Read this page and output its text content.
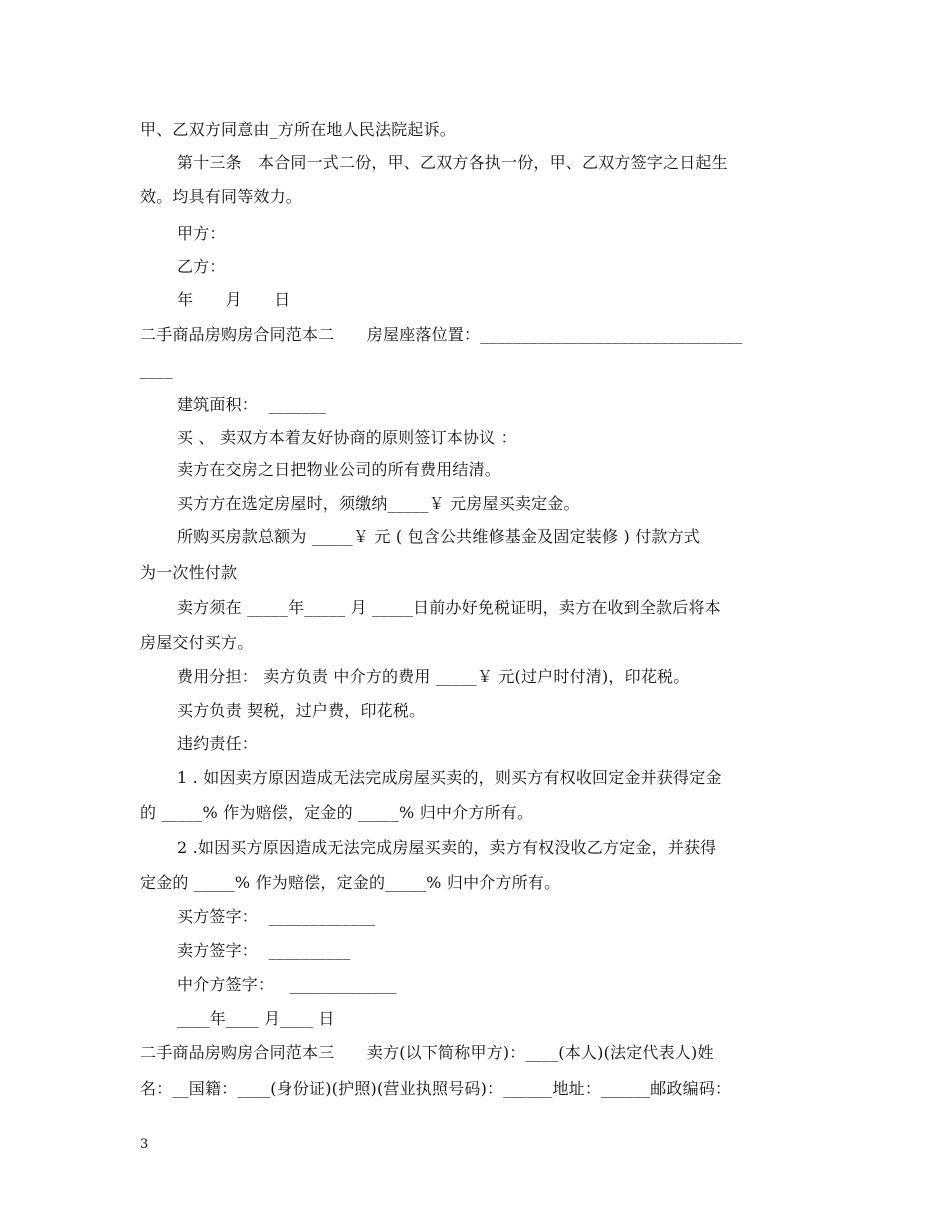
甲、乙双方同意由_方所在地人民法院起诉。
第十三条　本合同一式二份，甲、乙双方各执一份，甲、乙双方签字之日起生
效。均具有同等效力。
甲方：
乙方：
年　　月　　日
二手商品房购房合同范本二　　房屋座落位置：________________________________
____
建筑面积：  _______
买 、 卖双方本着友好协商的原则签订本协议 ：
卖方在交房之日把物业公司的所有费用结清。
买方方在选定房屋时，须缴纳_____￥ 元房屋买卖定金。
所购买房款总额为 _____￥ 元 ( 包含公共维修基金及固定装修 ) 付款方式
为一次性付款
卖方须在 _____年_____ 月 _____日前办好免税证明，卖方在收到全款后将本
房屋交付买方。
费用分担： 卖方负责 中介方的费用 _____￥ 元(过户时付清)，印花税。
买方负责 契税，过户费，印花税。
违约责任：
1 . 如因卖方原因造成无法完成房屋买卖的，则买方有权收回定金并获得定金
的 _____% 作为赔偿，定金的 _____% 归中介方所有。
2 .如因买方原因造成无法完成房屋买卖的，卖方有权没收乙方定金，并获得
定金的 _____% 作为赔偿，定金的_____% 归中介方所有。
买方签字：  _____________
卖方签字：  __________
中介方签字：   _____________
____年____ 月____ 日
二手商品房购房合同范本三　　卖方(以下简称甲方)：____(本人)(法定代表人)姓
名：__国籍：____(身份证)(护照)(营业执照号码)：______地址：______邮政编码：
3
